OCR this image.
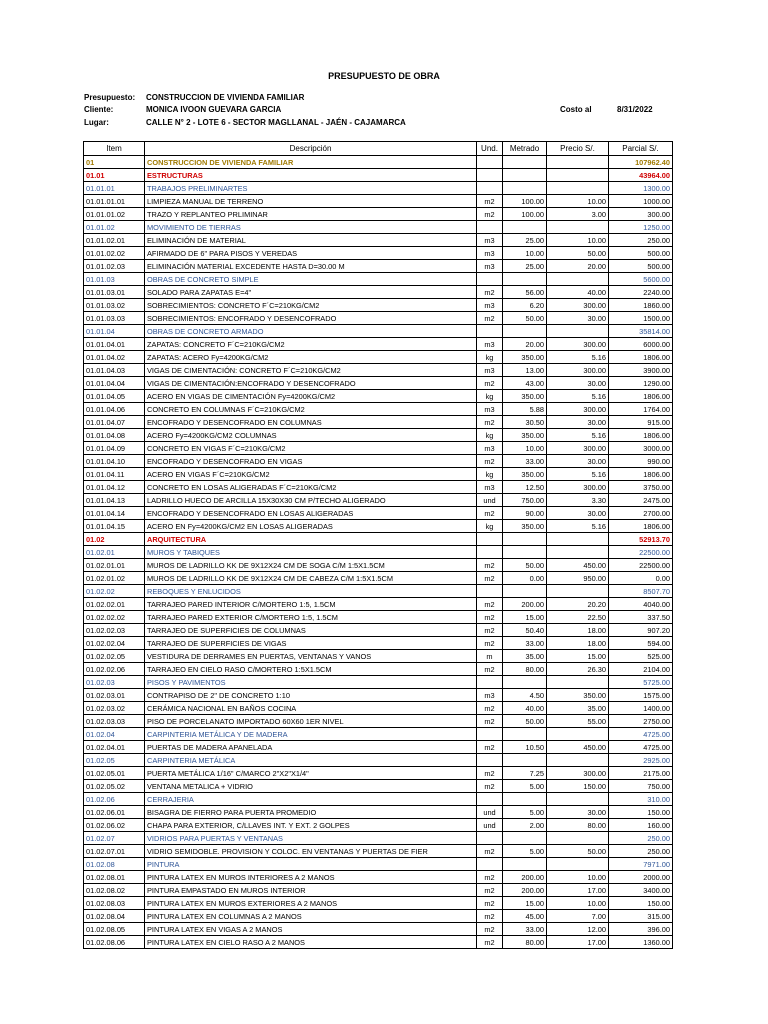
PRESUPUESTO DE OBRA
Presupuesto: CONSTRUCCION DE VIVIENDA FAMILIAR
Cliente:	MONICA IVOON GUEVARA GARCIA	Costo al	8/31/2022
Lugar:	CALLE N° 2 - LOTE 6 - SECTOR MAGLLANAL - JAÉN - CAJAMARCA
Item	Descripción	Und.	Metrado	Precio S/.	Parcial S/.
01	CONSTRUCCION DE VIVIENDA FAMILIAR				107962.40
01.01	ESTRUCTURAS				43964.00
01.01.01	TRABAJOS PRELIMINARTES				1300.00
01.01.01.01	LIMPIEZA MANUAL DE TERRENO	m2	100.00	10.00	1000.00
01.01.01.02	TRAZO Y REPLANTEO PRLIMINAR	m2	100.00	3.00	300.00
01.01.02	MOVIMIENTO DE TIERRAS				1250.00
01.01.02.01	ELIMINACIÓN DE MATERIAL	m3	25.00	10.00	250.00
01.01.02.02	AFIRMADO DE 6" PARA PISOS Y VEREDAS	m3	10.00	50.00	500.00
01.01.02.03	ELIMINACIÓN MATERIAL EXCEDENTE HASTA D=30.00 M	m3	25.00	20.00	500.00
01.01.03	OBRAS DE CONCRETO SIMPLE				5600.00
01.01.03.01	SOLADO PARA ZAPATAS E=4"	m2	56.00	40.00	2240.00
01.01.03.02	SOBRECIMIENTOS: CONCRETO F´C=210KG/CM2	m3	6.20	300.00	1860.00
01.01.03.03	SOBRECIMIENTOS: ENCOFRADO Y DESENCOFRADO	m2	50.00	30.00	1500.00
01.01.04	OBRAS DE CONCRETO ARMADO				35814.00
01.01.04.01	ZAPATAS: CONCRETO F´C=210KG/CM2	m3	20.00	300.00	6000.00
01.01.04.02	ZAPATAS: ACERO Fy=4200KG/CM2	kg	350.00	5.16	1806.00
01.01.04.03	VIGAS DE CIMENTACIÓN: CONCRETO F´C=210KG/CM2	m3	13.00	300.00	3900.00
01.01.04.04	VIGAS DE CIMENTACIÓN:ENCOFRADO Y DESENCOFRADO	m2	43.00	30.00	1290.00
01.01.04.05	ACERO EN VIGAS DE CIMENTACIÓN Fy=4200KG/CM2	kg	350.00	5.16	1806.00
01.01.04.06	CONCRETO EN COLUMNAS F´C=210KG/CM2	m3	5.88	300.00	1764.00
01.01.04.07	ENCOFRADO Y DESENCOFRADO EN COLUMNAS	m2	30.50	30.00	915.00
01.01.04.08	ACERO Fy=4200KG/CM2 COLUMNAS	kg	350.00	5.16	1806.00
01.01.04.09	CONCRETO EN VIGAS F´C=210KG/CM2	m3	10.00	300.00	3000.00
01.01.04.10	ENCOFRADO Y DESENCOFRADO EN VIGAS	m2	33.00	30.00	990.00
01.01.04.11	ACERO EN VIGAS F´C=210KG/CM2	kg	350.00	5.16	1806.00
01.01.04.12	CONCRETO EN LOSAS ALIGERADAS F´C=210KG/CM2	m3	12.50	300.00	3750.00
01.01.04.13	LADRILLO HUECO DE ARCILLA 15X30X30 CM P/TECHO ALIGERADO	und	750.00	3.30	2475.00
01.01.04.14	ENCOFRADO Y DESENCOFRADO EN LOSAS ALIGERADAS	m2	90.00	30.00	2700.00
01.01.04.15	ACERO EN Fy=4200KG/CM2 EN LOSAS ALIGERADAS	kg	350.00	5.16	1806.00
01.02	ARQUITECTURA				52913.70
01.02.01	MUROS Y TABIQUES				22500.00
01.02.01.01	MUROS DE LADRILLO KK DE 9X12X24 CM DE SOGA C/M 1:5X1.5CM	m2	50.00	450.00	22500.00
01.02.01.02	MUROS DE LADRILLO KK DE 9X12X24 CM DE CABEZA C/M 1:5X1.5CM	m2	0.00	950.00	0.00
01.02.02	REBOQUES Y ENLUCIDOS				8507.70
01.02.02.01	TARRAJEO PARED INTERIOR C/MORTERO 1:5, 1.5CM	m2	200.00	20.20	4040.00
01.02.02.02	TARRAJEO PARED EXTERIOR C/MORTERO 1:5, 1.5CM	m2	15.00	22.50	337.50
01.02.02.03	TARRAJEO DE SUPERFICIES DE COLUMNAS	m2	50.40	18.00	907.20
01.02.02.04	TARRAJEO DE SUPERFICIES DE VIGAS	m2	33.00	18.00	594.00
01.02.02.05	VESTIDURA DE DERRAMES EN PUERTAS, VENTANAS Y VANOS	m	35.00	15.00	525.00
01.02.02.06	TARRAJEO EN CIELO RASO C/MORTERO 1:5X1.5CM	m2	80.00	26.30	2104.00
01.02.03	PISOS Y PAVIMENTOS				5725.00
01.02.03.01	CONTRAPISO DE 2" DE CONCRETO 1:10	m3	4.50	350.00	1575.00
01.02.03.02	CERÁMICA NACIONAL EN BAÑOS COCINA	m2	40.00	35.00	1400.00
01.02.03.03	PISO DE PORCELANATO IMPORTADO 60X60 1ER NIVEL	m2	50.00	55.00	2750.00
01.02.04	CARPINTERIA METÁLICA Y DE MADERA				4725.00
01.02.04.01	PUERTAS DE MADERA APANELADA	m2	10.50	450.00	4725.00
01.02.05	CARPINTERIA METÁLICA				2925.00
01.02.05.01	PUERTA METÁLICA 1/16" C/MARCO 2"X2"X1/4"	m2	7.25	300.00	2175.00
01.02.05.02	VENTANA METALICA + VIDRIO	m2	5.00	150.00	750.00
01.02.06	CERRAJERIA				310.00
01.02.06.01	BISAGRA DE FIERRO PARA PUERTA PROMEDIO	und	5.00	30.00	150.00
01.02.06.02	CHAPA PARA EXTERIOR, C/LLAVES INT. Y EXT. 2 GOLPES	und	2.00	80.00	160.00
01.02.07	VIDRIOS PARA PUERTAS Y VENTANAS				250.00
01.02.07.01	VIDRIO SEMIDOBLE. PROVISION Y COLOC. EN VENTANAS Y PUERTAS DE FIER	m2	5.00	50.00	250.00
01.02.08	PINTURA				7971.00
01.02.08.01	PINTURA LATEX EN MUROS INTERIORES A 2 MANOS	m2	200.00	10.00	2000.00
01.02.08.02	PINTURA EMPASTADO EN MUROS INTERIOR	m2	200.00	17.00	3400.00
01.02.08.03	PINTURA LATEX EN MUROS EXTERIORES A 2 MANOS	m2	15.00	10.00	150.00
01.02.08.04	PINTURA LATEX EN COLUMNAS A 2 MANOS	m2	45.00	7.00	315.00
01.02.08.05	PINTURA LATEX EN VIGAS A 2 MANOS	m2	33.00	12.00	396.00
01.02.08.06	PINTURA LATEX EN CIELO RASO A 2 MANOS	m2	80.00	17.00	1360.00
